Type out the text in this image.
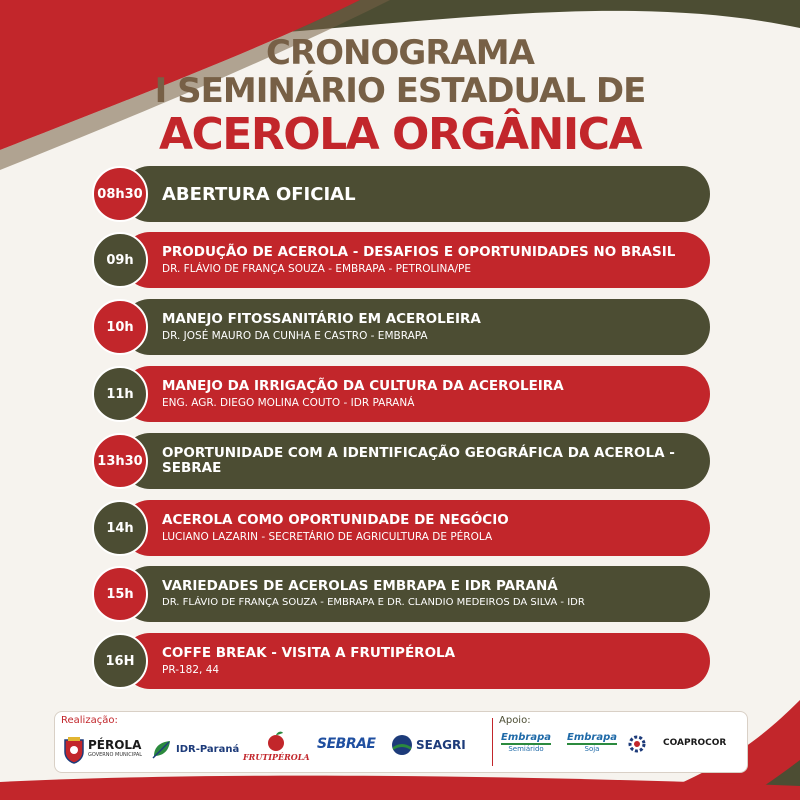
CRONOGRAMA
I SEMINÁRIO ESTADUAL DE
ACEROLA ORGÂNICA
08h30 ABERTURA OFICIAL
09h
PRODUÇÃO DE ACEROLA - DESAFIOS E OPORTUNIDADES NO BRASIL
DR. FLÁVIO DE FRANÇA SOUZA - EMBRAPA - PETROLINA/PE
10h
MANEJO FITOSSANITÁRIO EM ACEROLEIRA
DR. JOSÉ MAURO DA CUNHA E CASTRO - EMBRAPA
11h
MANEJO DA IRRIGAÇÃO DA CULTURA DA ACEROLEIRA
ENG. AGR. DIEGO MOLINA COUTO - IDR PARANÁ
13h30	OPORTUNIDADE COM A IDENTIFICAÇÃO GEOGRÁFICA DA ACEROLA - SEBRAE
14h
ACEROLA COMO OPORTUNIDADE DE NEGÓCIO
LUCIANO LAZARIN - SECRETÁRIO DE AGRICULTURA DE PÉROLA
15h
VARIEDADES DE ACEROLAS EMBRAPA E IDR PARANÁ
DR. FLÁVIO DE FRANÇA SOUZA - EMBRAPA E DR. CLANDIO MEDEIROS DA SILVA - IDR
16H
COFFE BREAK - VISITA A FRUTIPÉROLA
PR-182, 44
Realização:	Apoio:
PÉROLA
GOVERNO MUNICIPAL
IDR-Paraná
FRUTIPÉROLA
SEBRAE	SEAGRI
Embrapa
Semiárido
Embrapa
Soja
COAPROCOR
